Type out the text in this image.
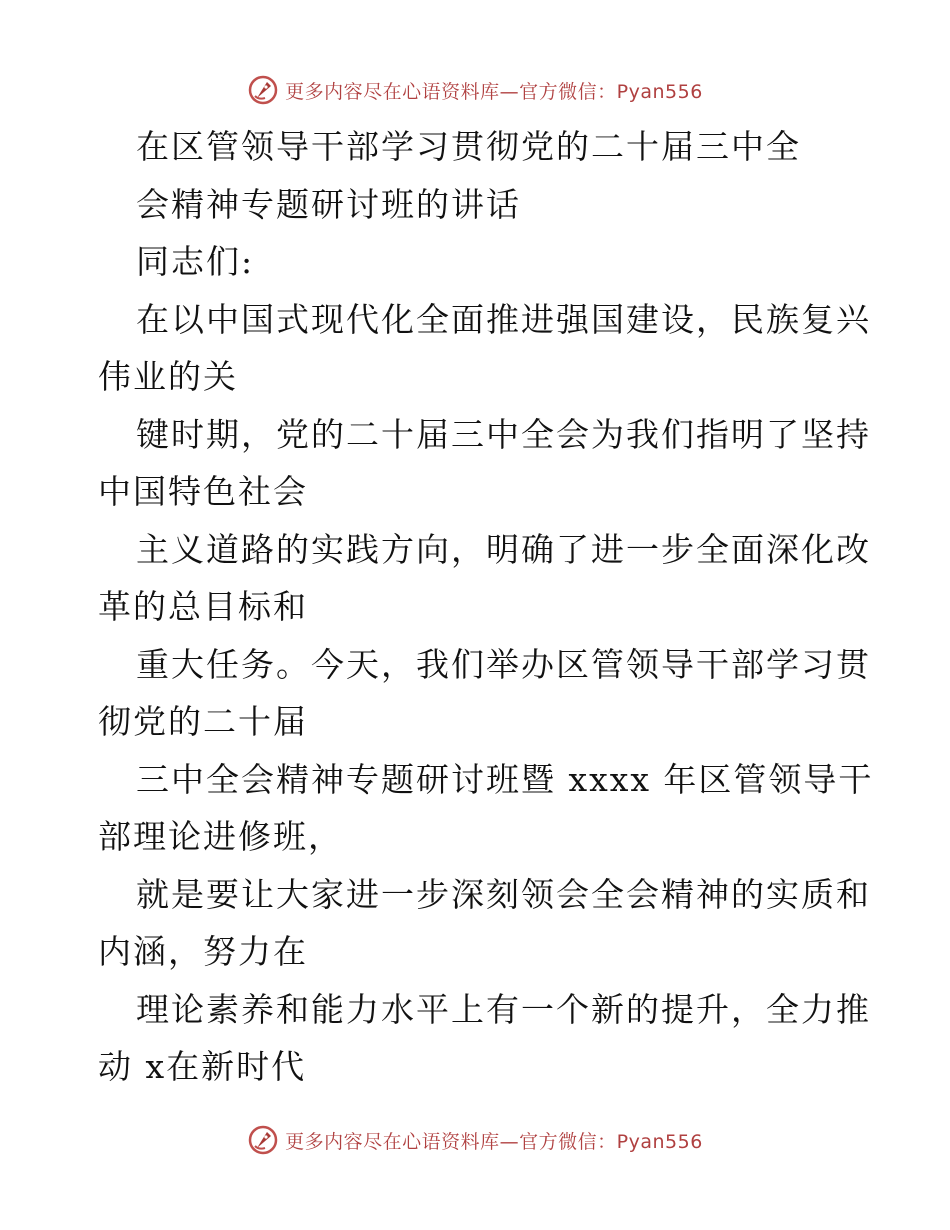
更多内容尽在心语资料库—官方微信：Pyan556
在区管领导干部学习贯彻党的二十届三中全
会精神专题研讨班的讲话
同志们:
在以中国式现代化全面推进强国建设，民族复兴
伟业的关
键时期，党的二十届三中全会为我们指明了坚持
中国特色社会
主义道路的实践方向，明确了进一步全面深化改
革的总目标和
重大任务。今天，我们举办区管领导干部学习贯
彻党的二十届
三中全会精神专题研讨班暨 xxxx 年区管领导干
部理论进修班，
就是要让大家进一步深刻领会全会精神的实质和
内涵，努力在
理论素养和能力水平上有一个新的提升，全力推
动 x在新时代
更多内容尽在心语资料库—官方微信：Pyan556
